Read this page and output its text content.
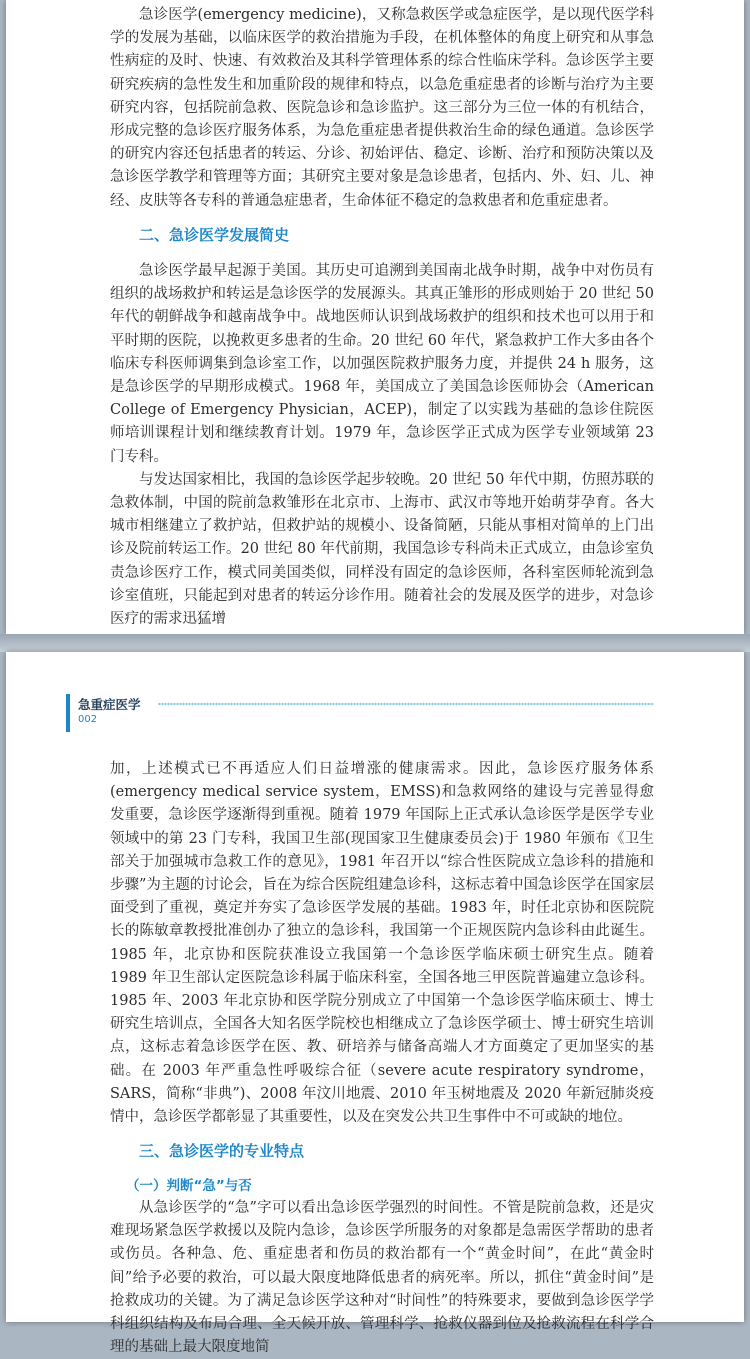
急诊医学(emergency medicine)，又称急救医学或急症医学，是以现代医学科学的发展为基础，以临床医学的救治措施为手段，在机体整体的角度上研究和从事急性病症的及时、快速、有效救治及其科学管理体系的综合性临床学科。急诊医学主要研究疾病的急性发生和加重阶段的规律和特点，以急危重症患者的诊断与治疗为主要研究内容，包括院前急救、医院急诊和急诊监护。这三部分为三位一体的有机结合，形成完整的急诊医疗服务体系，为急危重症患者提供救治生命的绿色通道。急诊医学的研究内容还包括患者的转运、分诊、初始评估、稳定、诊断、治疗和预防决策以及急诊医学教学和管理等方面；其研究主要对象是急诊患者，包括内、外、妇、儿、神经、皮肤等各专科的普通急症患者，生命体征不稳定的急救患者和危重症患者。

二、急诊医学发展简史

急诊医学最早起源于美国。其历史可追溯到美国南北战争时期，战争中对伤员有组织的战场救护和转运是急诊医学的发展源头。其真正雏形的形成则始于 20 世纪 50 年代的朝鲜战争和越南战争中。战地医师认识到战场救护的组织和技术也可以用于和平时期的医院，以挽救更多患者的生命。20 世纪 60 年代，紧急救护工作大多由各个临床专科医师调集到急诊室工作，以加强医院救护服务力度，并提供 24 h 服务，这是急诊医学的早期形成模式。1968 年，美国成立了美国急诊医师协会（American College of Emergency Physician，ACEP)，制定了以实践为基础的急诊住院医师培训课程计划和继续教育计划。1979 年，急诊医学正式成为医学专业领域第 23 门专科。

与发达国家相比，我国的急诊医学起步较晚。20 世纪 50 年代中期，仿照苏联的急救体制，中国的院前急救雏形在北京市、上海市、武汉市等地开始萌芽孕育。各大城市相继建立了救护站，但救护站的规模小、设备简陋，只能从事相对简单的上门出诊及院前转运工作。20 世纪 80 年代前期，我国急诊专科尚未正式成立，由急诊室负责急诊医疗工作，模式同美国类似，同样没有固定的急诊医师，各科室医师轮流到急诊室值班，只能起到对患者的转运分诊作用。随着社会的发展及医学的进步，对急诊医疗的需求迅猛增

急重症医学
002

加，上述模式已不再适应人们日益增涨的健康需求。因此，急诊医疗服务体系(emergency medical service system，EMSS)和急救网络的建设与完善显得愈发重要，急诊医学逐渐得到重视。随着 1979 年国际上正式承认急诊医学是医学专业领域中的第 23 门专科，我国卫生部(现国家卫生健康委员会)于 1980 年颁布《卫生部关于加强城市急救工作的意见》，1981 年召开以“综合性医院成立急诊科的措施和步骤”为主题的讨论会，旨在为综合医院组建急诊科，这标志着中国急诊医学在国家层面受到了重视，奠定并夯实了急诊医学发展的基础。1983 年，时任北京协和医院院长的陈敏章教授批准创办了独立的急诊科，我国第一个正规医院内急诊科由此诞生。1985 年，北京协和医院获准设立我国第一个急诊医学临床硕士研究生点。随着 1989 年卫生部认定医院急诊科属于临床科室，全国各地三甲医院普遍建立急诊科。1985 年、2003 年北京协和医学院分别成立了中国第一个急诊医学临床硕士、博士研究生培训点，全国各大知名医学院校也相继成立了急诊医学硕士、博士研究生培训点，这标志着急诊医学在医、教、研培养与储备高端人才方面奠定了更加坚实的基础。在 2003 年严重急性呼吸综合征（severe acute respiratory syndrome，SARS，简称“非典”)、2008 年汶川地震、2010 年玉树地震及 2020 年新冠肺炎疫情中，急诊医学都彰显了其重要性，以及在突发公共卫生事件中不可或缺的地位。

三、急诊医学的专业特点
（一）判断“急”与否

从急诊医学的“急”字可以看出急诊医学强烈的时间性。不管是院前急救，还是灾难现场紧急医学救援以及院内急诊，急诊医学所服务的对象都是急需医学帮助的患者或伤员。各种急、危、重症患者和伤员的救治都有一个“黄金时间”，在此“黄金时间”给予必要的救治，可以最大限度地降低患者的病死率。所以，抓住“黄金时间”是抢救成功的关键。为了满足急诊医学这种对“时间性”的特殊要求，要做到急诊医学学科组织结构及布局合理、全天候开放、管理科学、抢救仪器到位及抢救流程在科学合理的基础上最大限度地简
